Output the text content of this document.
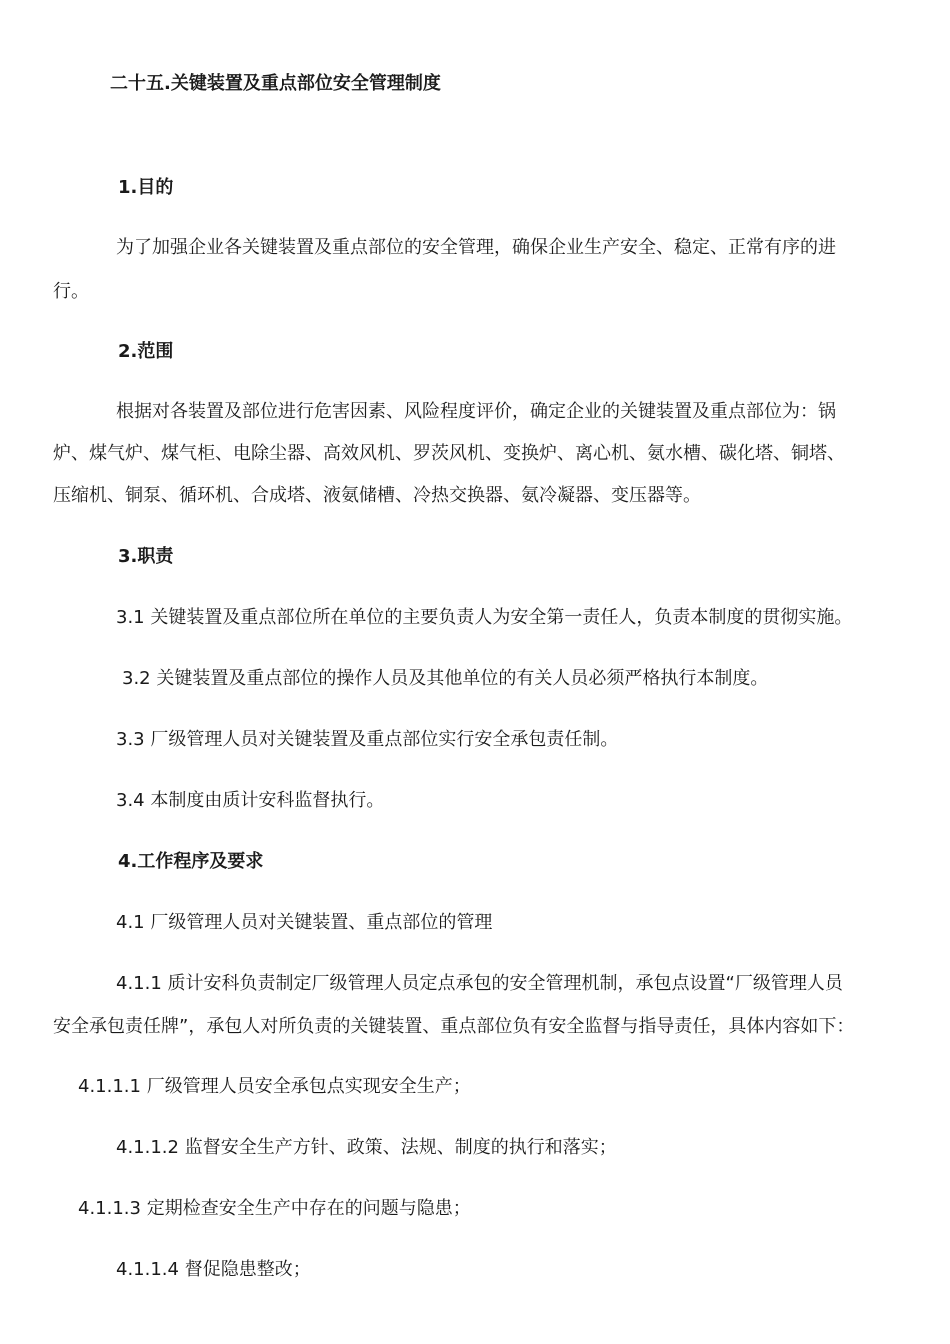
二十五.关键装置及重点部位安全管理制度
1.目的
为了加强企业各关键装置及重点部位的安全管理，确保企业生产安全、稳定、正常有序的进
行。
2.范围
根据对各装置及部位进行危害因素、风险程度评价，确定企业的关键装置及重点部位为：锅
炉、煤气炉、煤气柜、电除尘器、高效风机、罗茨风机、变换炉、离心机、氨水槽、碳化塔、铜塔、
压缩机、铜泵、循环机、合成塔、液氨储槽、冷热交换器、氨冷凝器、变压器等。
3.职责
3.1 关键装置及重点部位所在单位的主要负责人为安全第一责任人，负责本制度的贯彻实施。
3.2 关键装置及重点部位的操作人员及其他单位的有关人员必须严格执行本制度。
3.3 厂级管理人员对关键装置及重点部位实行安全承包责任制。
3.4 本制度由质计安科监督执行。
4.工作程序及要求
4.1 厂级管理人员对关键装置、重点部位的管理
4.1.1 质计安科负责制定厂级管理人员定点承包的安全管理机制，承包点设置“厂级管理人员
安全承包责任牌”，承包人对所负责的关键装置、重点部位负有安全监督与指导责任，具体内容如下：
4.1.1.1 厂级管理人员安全承包点实现安全生产；
4.1.1.2 监督安全生产方针、政策、法规、制度的执行和落实；
4.1.1.3 定期检查安全生产中存在的问题与隐患；
4.1.1.4 督促隐患整改；
